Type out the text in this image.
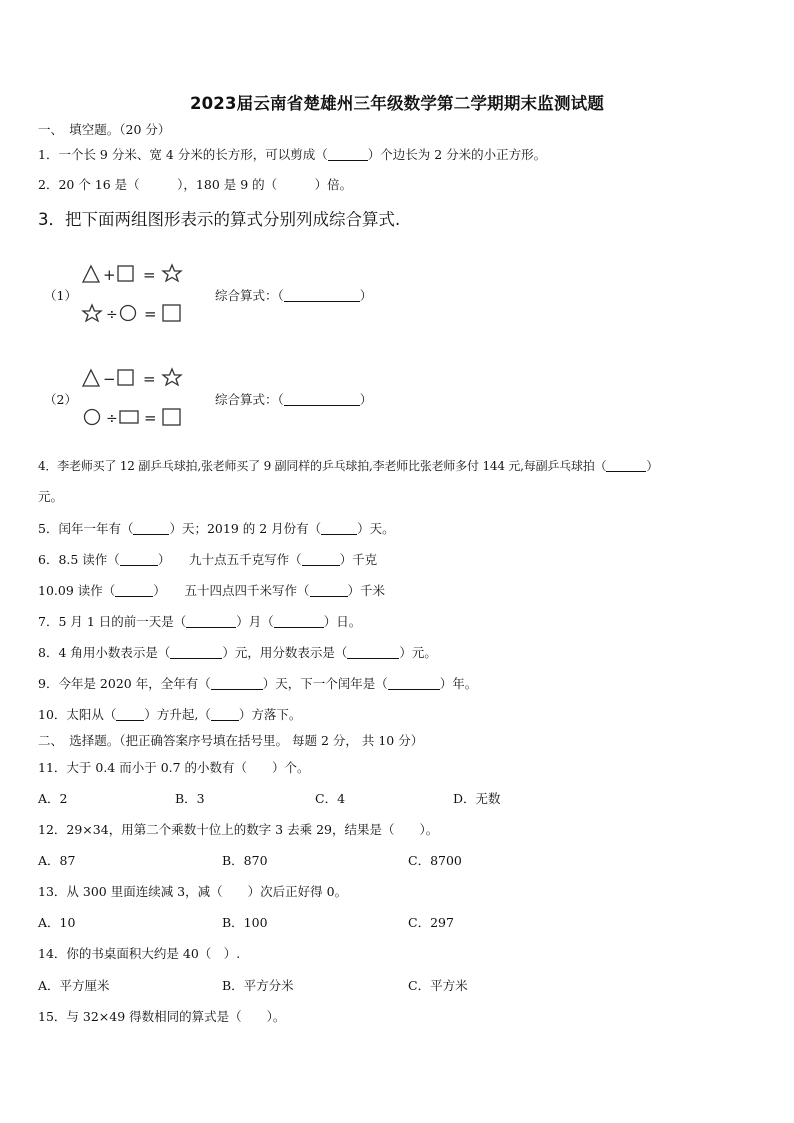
2023届云南省楚雄州三年级数学第二学期期末监测试题
一、　填空题。（20 分）
1．一个长 9 分米、宽 4 分米的长方形，可以剪成（	）个边长为 2 分米的小正方形。
2．20 个 16 是（　　　），180 是 9 的（　　　）倍。
3．把下面两组图形表示的算式分别列成综合算式.
（1）
+ =
÷ =
综合算式：（	）
（2）
− =
÷ =
综合算式：（	）
4．李老师买了 12 副乒乓球拍,张老师买了 9 副同样的乒乓球拍,李老师比张老师多付 144 元,每副乒乓球拍（	）
元。
5．闰年一年有（	）天；2019 的 2 月份有（	）天。
6．8.5 读作（	）　　九十点五千克写作（	）千克
10.09 读作（	）　　五十四点四千米写作（	）千米
7．5 月 1 日的前一天是（	）月（	）日。
8．4 角用小数表示是（	）元，用分数表示是（	）元。
9．今年是 2020 年，全年有（	）天，下一个闰年是（	）年。
10．太阳从（ ）方升起,（ ）方落下。
二、　选择题。（把正确答案序号填在括号里。 每题 2 分， 共 10 分）
11．大于 0.4 而小于 0.7 的小数有（　　）个。
A．2	B．3	C．4	D．无数
12．29×34，用第二个乘数十位上的数字 3 去乘 29，结果是（　　）。
A．87	B．870	C．8700
13．从 300 里面连续减 3，减（　　）次后正好得 0。
A．10	B．100	C．297
14．你的书桌面积大约是 40（　）.
A．平方厘米	B．平方分米	C．平方米
15．与 32×49 得数相同的算式是（　　）。
